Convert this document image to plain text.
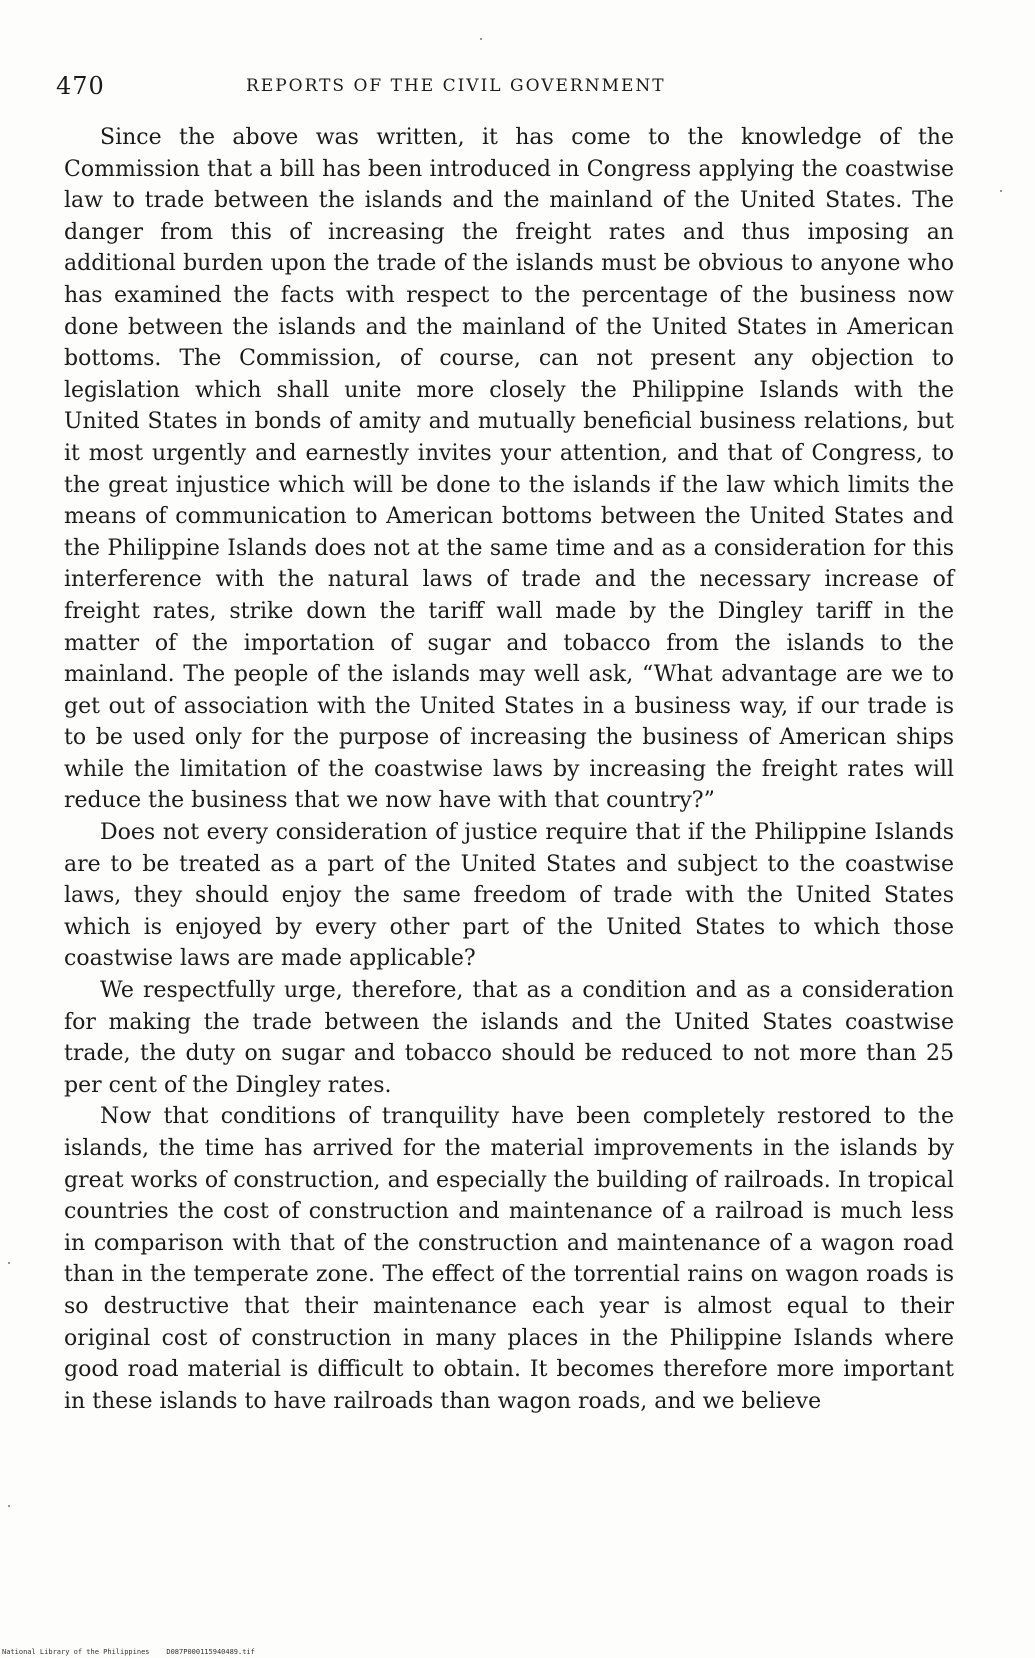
470	REPORTS OF THE CIVIL GOVERNMENT

Since the above was written, it has come to the knowledge of the Commission that a bill has been introduced in Congress applying the coastwise law to trade between the islands and the mainland of the United States. The danger from this of increasing the freight rates and thus imposing an additional burden upon the trade of the islands must be obvious to anyone who has examined the facts with respect to the percentage of the business now done between the islands and the mainland of the United States in American bottoms. The Commission, of course, can not present any objection to legislation which shall unite more closely the Philippine Islands with the United States in bonds of amity and mutually beneficial business relations, but it most urgently and earnestly invites your attention, and that of Congress, to the great injustice which will be done to the islands if the law which limits the means of communication to American bottoms between the United States and the Philippine Islands does not at the same time and as a consideration for this interference with the natural laws of trade and the necessary increase of freight rates, strike down the tariff wall made by the Dingley tariff in the matter of the importation of sugar and tobacco from the islands to the mainland. The people of the islands may well ask, “What advantage are we to get out of association with the United States in a business way, if our trade is to be used only for the purpose of increasing the business of American ships while the limitation of the coastwise laws by increasing the freight rates will reduce the business that we now have with that country?”

Does not every consideration of justice require that if the Philippine Islands are to be treated as a part of the United States and subject to the coastwise laws, they should enjoy the same freedom of trade with the United States which is enjoyed by every other part of the United States to which those coastwise laws are made applicable?

We respectfully urge, therefore, that as a condition and as a consideration for making the trade between the islands and the United States coastwise trade, the duty on sugar and tobacco should be reduced to not more than 25 per cent of the Dingley rates.

Now that conditions of tranquility have been completely restored to the islands, the time has arrived for the material improvements in the islands by great works of construction, and especially the building of railroads. In tropical countries the cost of construction and maintenance of a railroad is much less in comparison with that of the construction and maintenance of a wagon road than in the temperate zone. The effect of the torrential rains on wagon roads is so destructive that their maintenance each year is almost equal to their original cost of construction in many places in the Philippine Islands where good road material is difficult to obtain. It becomes therefore more important in these islands to have railroads than wagon roads, and we believe

National Library of the Philippines D087P000115940489.tif
